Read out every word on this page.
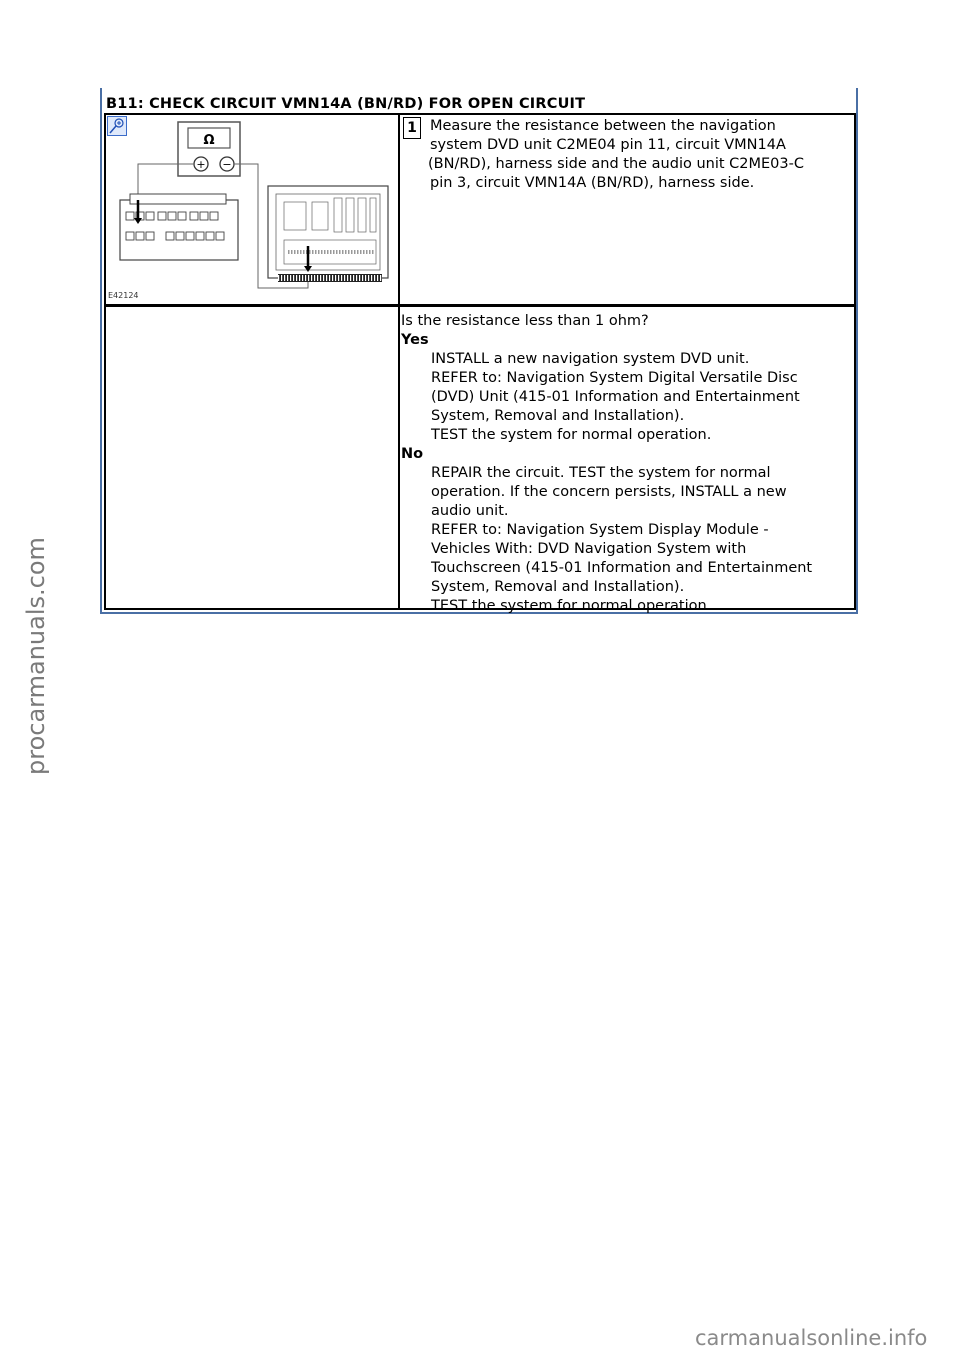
B11: CHECK CIRCUIT VMN14A (BN/RD) FOR OPEN CIRCUIT
Ω
+ −
E42124
1 Measure the resistance between the navigation
system DVD unit C2ME04 pin 11, circuit VMN14A
(BN/RD), harness side and the audio unit C2ME03-C
pin 3, circuit VMN14A (BN/RD), harness side.
Is the resistance less than 1 ohm?
Yes
INSTALL a new navigation system DVD unit.
REFER to: Navigation System Digital Versatile Disc
(DVD) Unit (415-01 Information and Entertainment
System, Removal and Installation).
TEST the system for normal operation.
No
REPAIR the circuit. TEST the system for normal
operation. If the concern persists, INSTALL a new
audio unit.
REFER to: Navigation System Display Module -
Vehicles With: DVD Navigation System with
Touchscreen (415-01 Information and Entertainment
System, Removal and Installation).
TEST the system for normal operation.
procarmanuals.com
carmanualsonline.info
